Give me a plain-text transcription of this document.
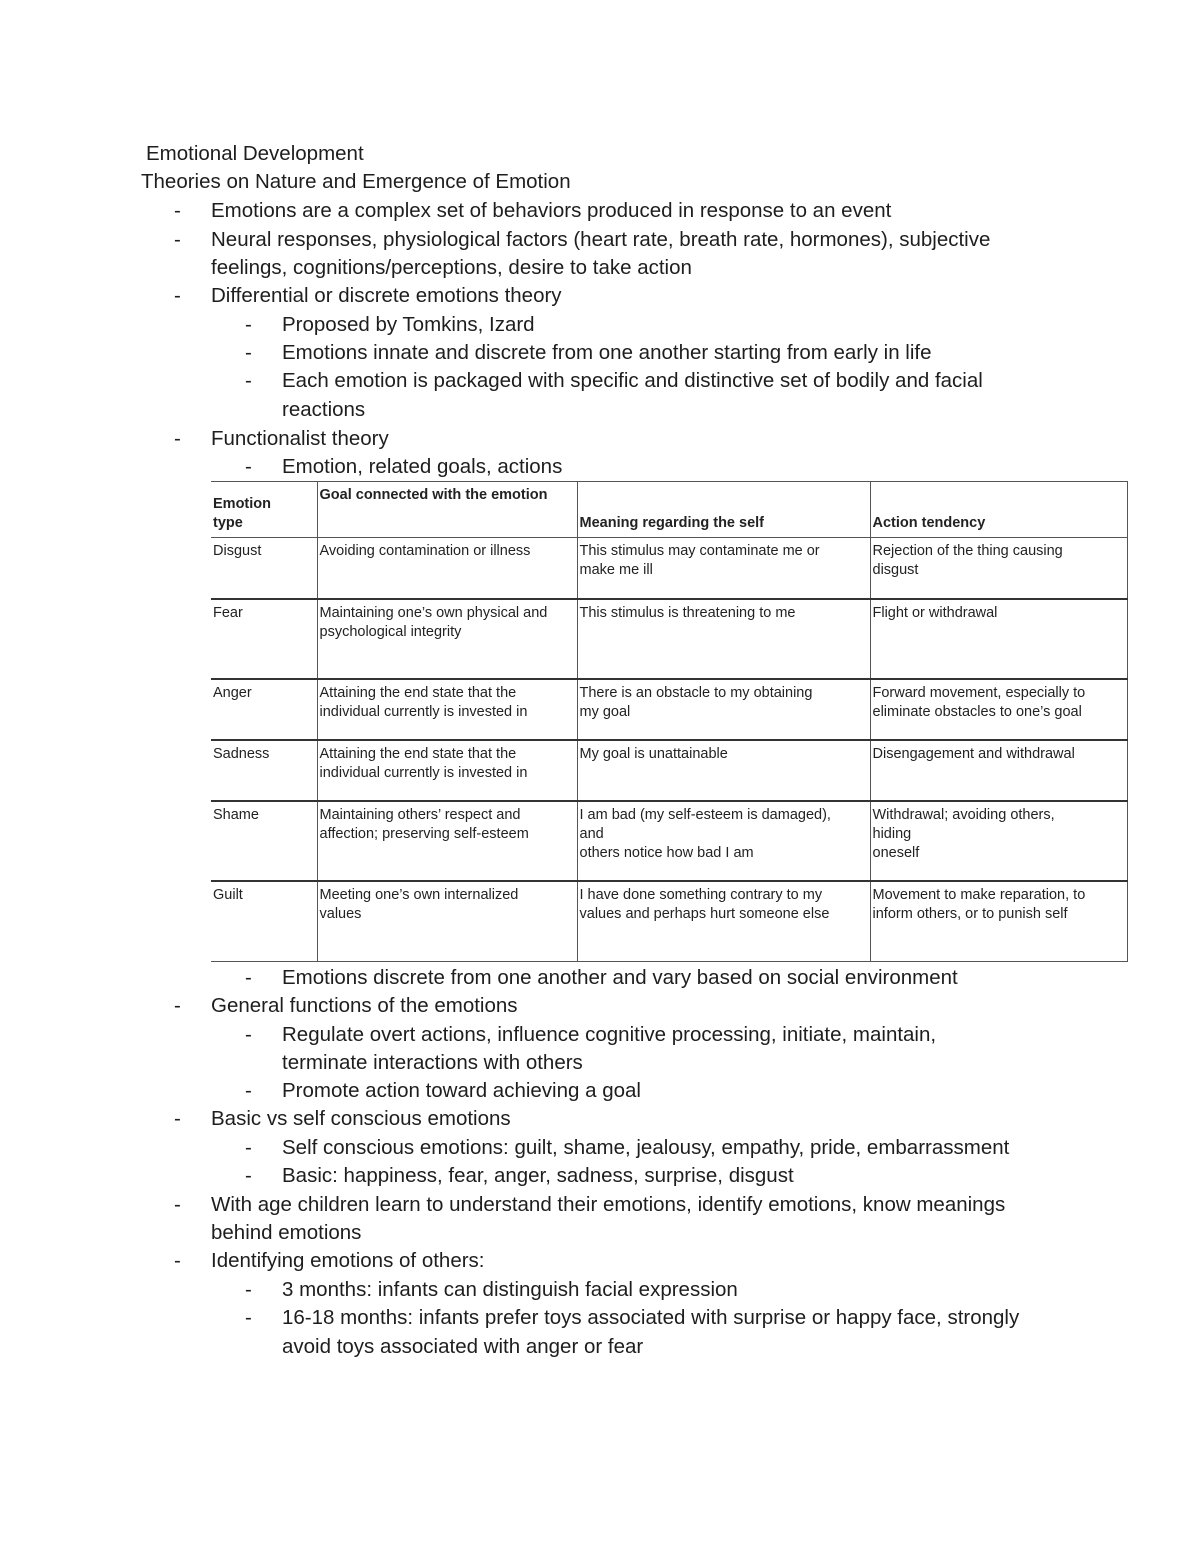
Emotional Development
Theories on Nature and Emergence of Emotion
- Emotions are a complex set of behaviors produced in response to an event
- Neural responses, physiological factors (heart rate, breath rate, hormones), subjective
feelings, cognitions/perceptions, desire to take action
- Differential or discrete emotions theory
- Proposed by Tomkins, Izard
- Emotions innate and discrete from one another starting from early in life
- Each emotion is packaged with specific and distinctive set of bodily and facial
reactions
- Functionalist theory
- Emotion, related goals, actions
Emotion
type	Goal connected with the emotion	Meaning regarding the self	Action tendency
Disgust	Avoiding contamination or illness	This stimulus may contaminate me or
make me ill	Rejection of the thing causing
disgust

Fear	Maintaining one’s own physical and
psychological integrity	This stimulus is threatening to me	Flight or withdrawal

Anger	Attaining the end state that the
individual currently is invested in	There is an obstacle to my obtaining
my goal	Forward movement, especially to
eliminate obstacles to one’s goal

Sadness	Attaining the end state that the
individual currently is invested in	My goal is unattainable	Disengagement and withdrawal

Shame	Maintaining others’ respect and
affection; preserving self-esteem	I am bad (my self-esteem is damaged),
and
others notice how bad I am	Withdrawal; avoiding others,
hiding
oneself

Guilt	Meeting one’s own internalized
values	I have done something contrary to my
values and perhaps hurt someone else	Movement to make reparation, to
inform others, or to punish self
- Emotions discrete from one another and vary based on social environment
- General functions of the emotions
- Regulate overt actions, influence cognitive processing, initiate, maintain,
terminate interactions with others
- Promote action toward achieving a goal
- Basic vs self conscious emotions
- Self conscious emotions: guilt, shame, jealousy, empathy, pride, embarrassment
- Basic: happiness, fear, anger, sadness, surprise, disgust
- With age children learn to understand their emotions, identify emotions, know meanings
behind emotions
- Identifying emotions of others:
- 3 months: infants can distinguish facial expression
- 16-18 months: infants prefer toys associated with surprise or happy face, strongly
avoid toys associated with anger or fear
